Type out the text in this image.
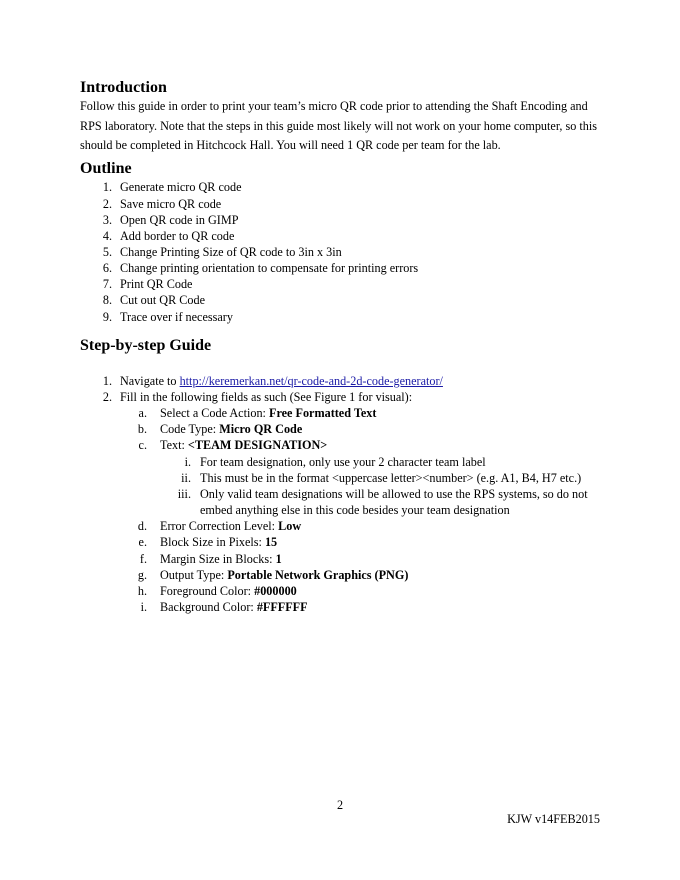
Introduction

Follow this guide in order to print your team’s micro QR code prior to attending the Shaft Encoding and RPS laboratory. Note that the steps in this guide most likely will not work on your home computer, so this should be completed in Hitchcock Hall. You will need 1 QR code per team for the lab.

Outline
1. Generate micro QR code
2. Save micro QR code
3. Open QR code in GIMP
4. Add border to QR code
5. Change Printing Size of QR code to 3in x 3in
6. Change printing orientation to compensate for printing errors
7. Print QR Code
8. Cut out QR Code
9. Trace over if necessary
Step-by-step Guide
1. Navigate to http://keremerkan.net/qr-code-and-2d-code-generator/
2. Fill in the following fields as such (See Figure 1 for visual):
a. Select a Code Action: Free Formatted Text
b. Code Type: Micro QR Code
c. Text: <TEAM DESIGNATION>
i. For team designation, only use your 2 character team label
ii. This must be in the format <uppercase letter><number> (e.g. A1, B4, H7 etc.)
iii. Only valid team designations will be allowed to use the RPS systems, so do not embed anything else in this code besides your team designation
d. Error Correction Level: Low
e. Block Size in Pixels: 15
f. Margin Size in Blocks: 1
g. Output Type: Portable Network Graphics (PNG)
h. Foreground Color: #000000
i. Background Color: #FFFFFF
2
KJW v14FEB2015
